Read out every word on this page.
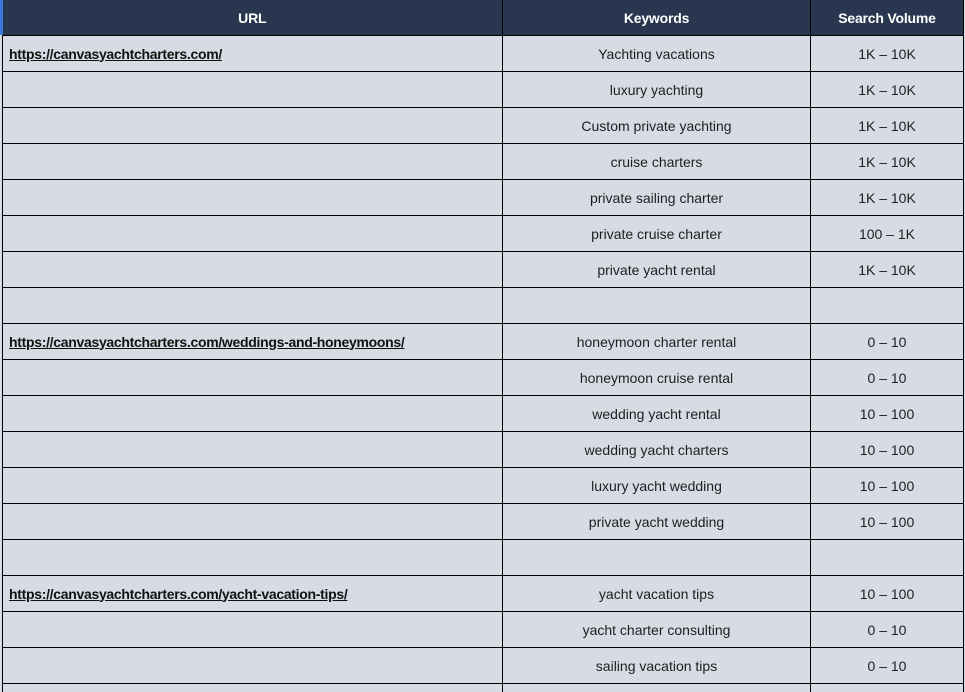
URL	Keywords	Search Volume
https://canvasyachtcharters.com/	Yachting vacations	1K – 10K
	luxury yachting	1K – 10K
	Custom private yachting	1K – 10K
	cruise charters	1K – 10K
	private sailing charter	1K – 10K
	private cruise charter	100 – 1K
	private yacht rental	1K – 10K

https://canvasyachtcharters.com/weddings-and-honeymoons/	honeymoon charter rental	0 – 10
	honeymoon cruise rental	0 – 10
	wedding yacht rental	10 – 100
	wedding yacht charters	10 – 100
	luxury yacht wedding	10 – 100
	private yacht wedding	10 – 100

https://canvasyachtcharters.com/yacht-vacation-tips/	yacht vacation tips	10 – 100
	yacht charter consulting	0 – 10
	sailing vacation tips	0 – 10
